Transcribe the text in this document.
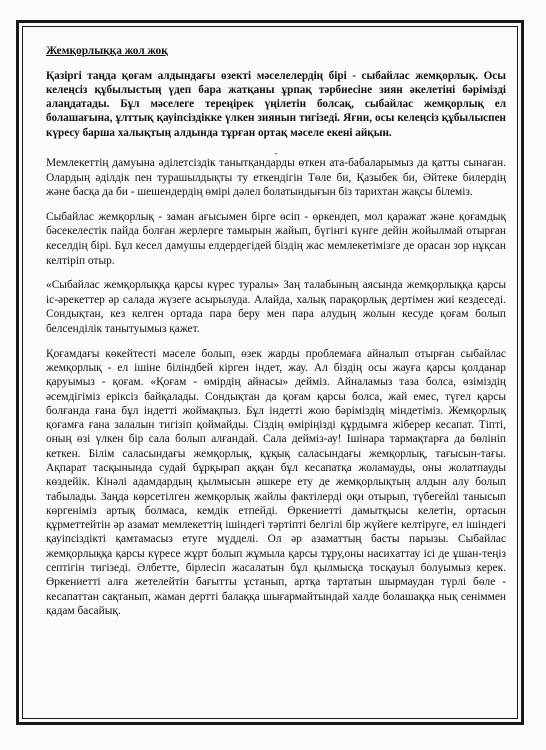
Жемқорлыққа жол жоқ
Қазіргі таңда қоғам алдындағы өзекті мәселелердің бірі - сыбайлас жемқорлық. Осы келеңсіз құбылыстың үдеп бара жатқаны ұрпақ тәрбиесіне зиян әкелетіні бәрімізді алаңдатады. Бұл мәселеге тереңірек үңілетін болсақ, сыбайлас жемқорлық ел болашағына, ұлттық қауіпсіздікке үлкен зиянын тигізеді. Яғни, осы келеңсіз құбылыспен күресу барша халықтың алдында тұрған ортақ мәселе екені айқын.
-

Мемлекеттің дамуына әділетсіздік танытқандарды өткен ата-бабаларымыз да қатты сынаған. Олардың әділдік пен турашылдықты ту еткендігін Төле би, Қазыбек би, Әйтеке билердің және басқа да би - шешендердің өмірі дәлел болатындығын біз тарихтан жақсы білеміз.

Сыбайлас жемқорлық - заман ағысымен бірге өсіп - өркендеп, мол қаражат және қоғамдық бәсекелестік пайда болған жерлерге тамырын жайып, бүгінгі күнге дейін жойылмай отырған кеселдің бірі. Бұл кесел дамушы елдердегідей біздің жас мемлекетімізге де орасан зор нұқсан келтіріп отыр.

«Сыбайлас жемқорлыққа қарсы күрес туралы» Заң талабының аясында жемқорлыққа қарсы іс-әрекеттер әр салада жүзеге асырылуда. Алайда, халық парақорлық дертімен жиі кездеседі. Сондықтан, кез келген ортада пара беру мен пара алудың жолын кесуде қоғам болып белсенділік танытуымыз қажет.

Қоғамдағы көкейтесті мәселе болып, өзек жарды проблемаға айналып отырған сыбайлас жемқорлық - ел ішіне біліндбей кірген індет, жау. Ал біздің осы жауға қарсы қолданар қаруымыз - қоғам. «Қоғам - өмірдің айнасы» дейміз. Айналамыз таза болса, өзіміздің әсемдігіміз еріксіз байқалады. Сондықтан да қоғам қарсы болса, жай емес, түгел қарсы болғанда ғана бұл індетті жоймақпыз. Бұл індетті жою бәрімiздің міндетіміз. Жемқорлық қоғамға ғана залалын тигізіп қоймайды. Сіздің өміріңізді құрдымға жіберер кесапат. Тіпті, оның өзі үлкен бір сала болып алғандай. Сала дейміз-ау! Ішінара тармақтарға да бөлініп кеткен. Білім саласындағы жемқорлық, құқық саласындағы жемқорлық, тағысын-тағы. Ақпарат тасқынында судай бұрқырап аққан бұл кесапатқа жоламауды, оны жолатпауды көздейік. Кінәлі адамдардың қылмысын әшкере ету де жемқорлықтың алдын алу болып табылады. Заңда көрсетілген жемқорлық жайлы фактілерді оқи отырып, түбегейлі танысып көргеніміз артық болмаса, кемдік етпейді. Өркениетті дамытқысы келетін, ортасын құрметтейтін әр азамат мемлекеттің ішіндегі тәртіпті белгілі бір жүйеге келтіруге, ел ішіндегі қауіпсіздікті қамтамасыз етуге мүдделі. Ол әр азаматтың басты парызы. Сыбайлас жемқорлыққа қарсы күресе жұрт болып жұмыла қарсы тұру,оны насихаттау ісі де ұшан-теңіз септігін тигізеді. Әлбетте, бірлесіп жасалатын бұл қылмысқа тосқауыл болуымыз керек. Өркениетті алға жетелейтін бағытты ұстанып, артқа тартатын шырмаудан түрлі бөле - кесапаттан сақтанып, жаман дертті балаққа шығармайтындай халде болашаққа нық сеніммен қадам басайық.
